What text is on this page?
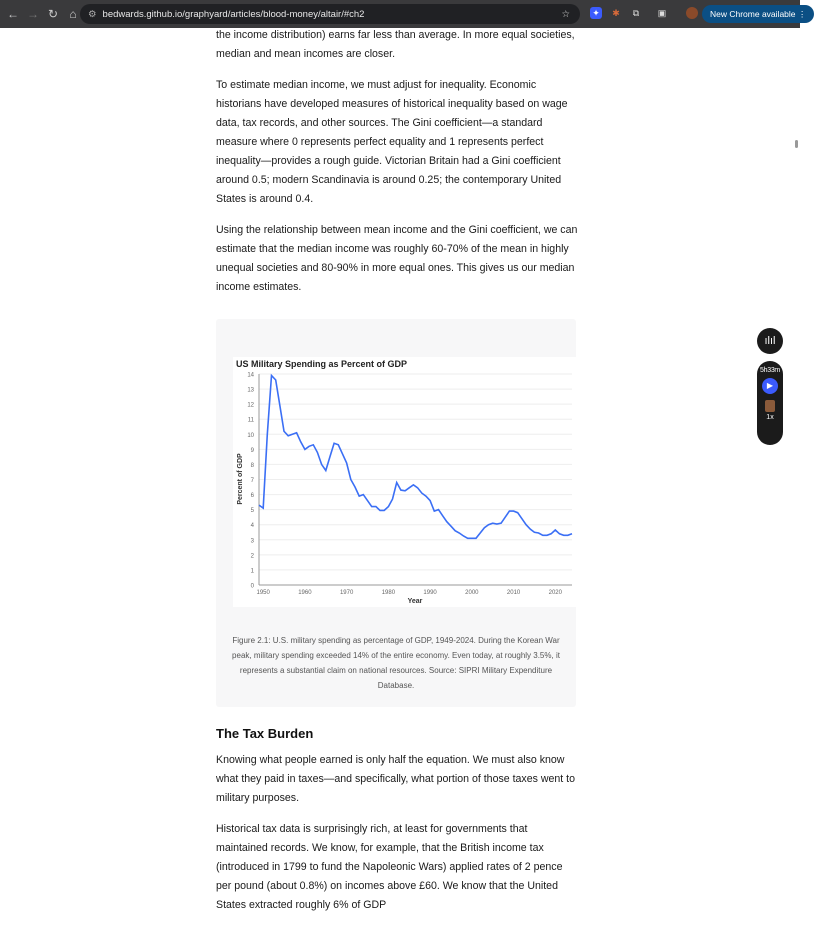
← → ↻ ⌂	⚙ bedwards.github.io/graphyard/articles/blood-money/altair/#ch2	☆ ✦ ✱	⧉	▣	New Chrome available ⋮

the income distribution) earns far less than average. In more equal societies, median and mean incomes are closer.

To estimate median income, we must adjust for inequality. Economic historians have developed measures of historical inequality based on wage data, tax records, and other sources. The Gini coefficient—a standard measure where 0 represents perfect equality and 1 represents perfect inequality—provides a rough guide. Victorian Britain had a Gini coefficient around 0.5; modern Scandinavia is around 0.25; the contemporary United States is around 0.4.

Using the relationship between mean income and the Gini coefficient, we can estimate that the median income was roughly 60-70% of the mean in highly unequal societies and 80-90% in more equal ones. This gives us our median income estimates.

US Military Spending as Percent of GDP
0
1
2
3
4
5
6
7
8
9
10
11
12
13
14
1950	1960	1970	1980	1990	2000	2010	2020
Year
Percent of GDP
Figure 2.1: U.S. military spending as percentage of GDP, 1949-2024. During the Korean War peak, military spending exceeded 14% of the entire economy. Even today, at roughly 3.5%, it represents a substantial claim on national resources. Source: SIPRI Military Expenditure Database.
The Tax Burden

Knowing what people earned is only half the equation. We must also know what they paid in taxes—and specifically, what portion of those taxes went to military purposes.

Historical tax data is surprisingly rich, at least for governments that maintained records. We know, for example, that the British income tax (introduced in 1799 to fund the Napoleonic Wars) applied rates of 2 pence per pound (about 0.8%) on incomes above £60. We know that the United States extracted roughly 6% of GDP

ılıl
5h33m
▶
1x
